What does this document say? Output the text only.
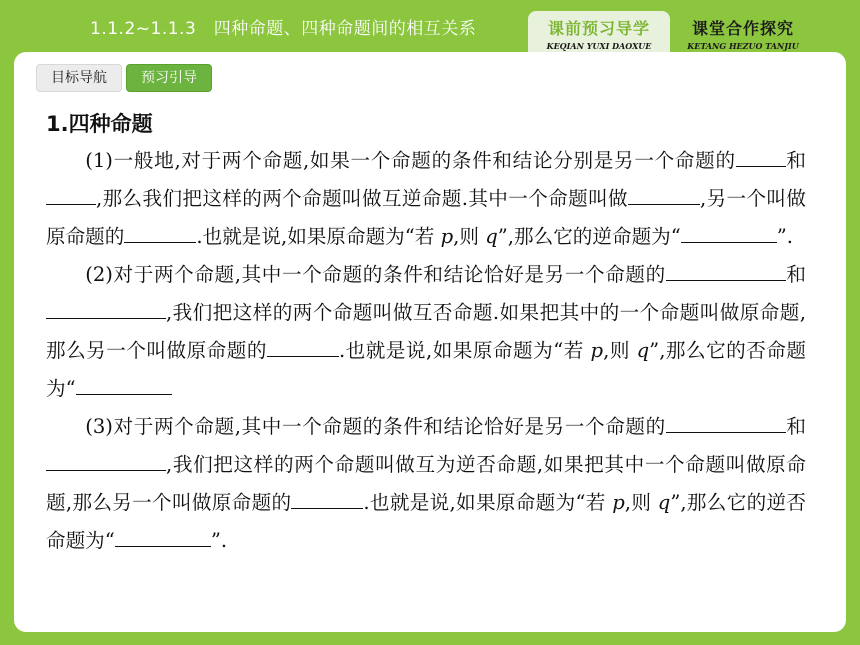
1.1.2~1.1.3　四种命题、四种命题间的相互关系	课前预习导学
KEQIAN YUXI DAOXUE
课堂合作探究
KETANG HEZUO TANJIU
目标导航	预习引导
1.四种命题

(1)一般地,对于两个命题,如果一个命题的条件和结论分别是另一个命题的	和,那么我们把这样的两个命题叫做互逆命题.其中一个命题叫做	,另一个叫做原命题的	.也就是说,如果原命题为“若 p,则 q”,那么它的逆命题为“	”.

(2)对于两个命题,其中一个命题的条件和结论恰好是另一个命题的	和,我们把这样的两个命题叫做互否命题.如果把其中的一个命题叫做原命题,那么另一个叫做原命题的	.也就是说,如果原命题为“若 p,则 q”,那么它的否命题为“

(3)对于两个命题,其中一个命题的条件和结论恰好是另一个命题的	和,我们把这样的两个命题叫做互为逆否命题,如果把其中一个命题叫做原命题,那么另一个叫做原命题的	.也就是说,如果原命题为“若 p,则 q”,那么它的逆否命题为“	”.
